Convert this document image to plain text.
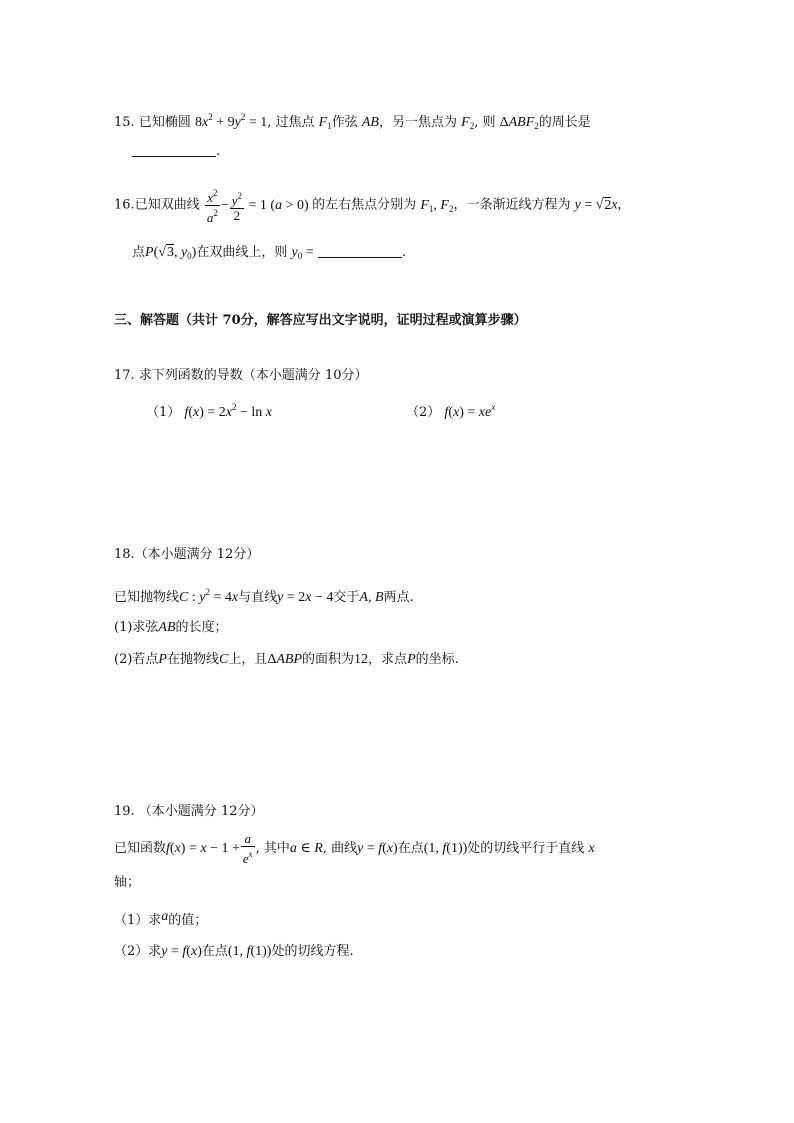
15. 已知椭圆 $8x^2 + 9y^2 = 1$, 过焦点 $F_1$作弦 AB，另一焦点为 $F_2$, 则 $\Delta ABF_2$的周长是
.
16.已知双曲线 $\frac{x^2}{a^2} - \frac{y^2}{2} = 1$ (a > 0) 的左右焦点分别为 $F_1$, $F_2$，一条渐近线方程为 y = √2x,
点P(√3, $y_0$)在双曲线上，则 $y_0$ =	.
三、解答题（共计 70分，解答应写出文字说明，证明过程或演算步骤）
17. 求下列函数的导数（本小题满分 10分）
（1） $f(x) = 2x^2 - \ln x$	（2） $f(x) = xe^x$
18.（本小题满分 12分）
已知抛物线C : $y^2 = 4x$与直线y = 2x − 4交于A, B两点.
(1)求弦AB的长度；
(2)若点P在抛物线C上，且ΔABP的面积为12，求点P的坐标.
19. （本小题满分 12分）
已知函数$f(x) = x - 1 + \frac{a}{e^x}$ , 其中a ∈ R, 曲线y = f(x)在点(1, f(1))处的切线平行于直线 x
轴；
（1）求a的值；
（2）求y = f(x)在点(1, f(1))处的切线方程.
